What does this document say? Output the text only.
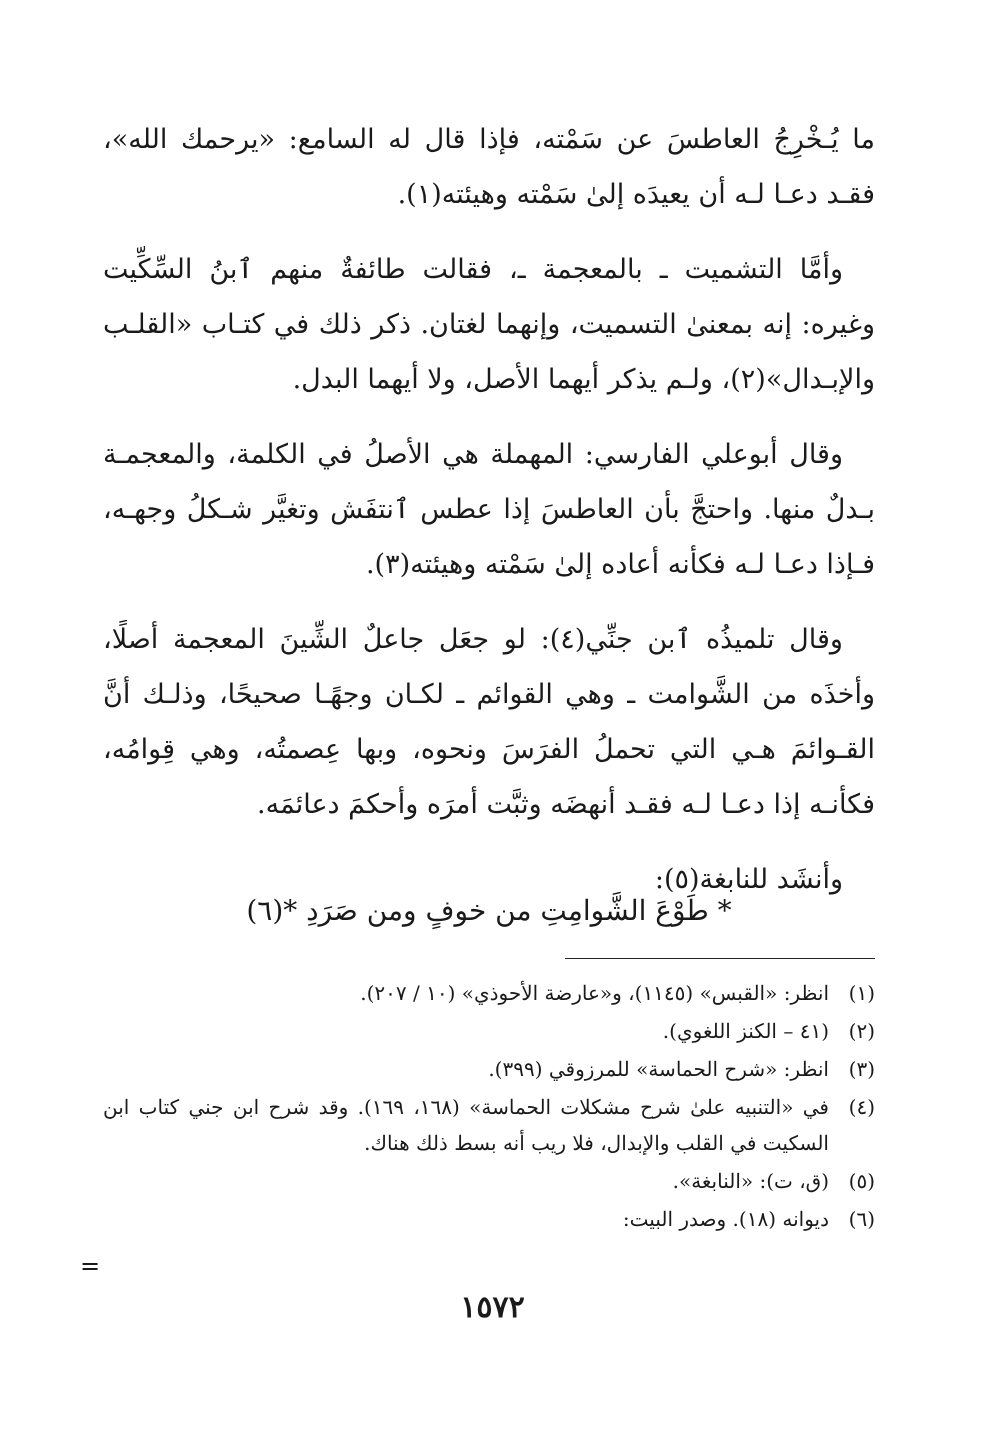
ما يُـخْرِجُ العاطسَ عن سَمْته، فإذا قال له السامع: «يرحمك الله»، فقـد دعـا لـه أن يعيدَه إلىٰ سَمْته وهيئته(١).

وأمَّا التشميت ـ بالمعجمة ـ، فقالت طائفةٌ منهم ٱبنُ السِّكِّيت وغيره: إنه بمعنىٰ التسميت، وإنهما لغتان. ذكر ذلك في كتـاب «القلـب والإبـدال»(٢)، ولـم يذكر أيهما الأصل، ولا أيهما البدل.

وقال أبوعلي الفارسي: المهملة هي الأصلُ في الكلمة، والمعجمـة بـدلٌ منها. واحتجَّ بأن العاطسَ إذا عطس ٱنتفَش وتغيَّر شـكلُ وجهـه، فـإذا دعـا لـه فكأنه أعاده إلىٰ سَمْته وهيئته(٣).

وقال تلميذُه ٱبن جنِّي(٤): لو جعَل جاعلٌ الشِّينَ المعجمة أصلًا، وأخذَه من الشَّوامت ـ وهي القوائم ـ لكـان وجهًـا صحيحًا، وذلـك أنَّ القـوائمَ هـي التي تحملُ الفرَسَ ونحوه، وبها عِصمتُه، وهي قِوامُه، فكأنـه إذا دعـا لـه فقـد أنهضَه وثبَّت أمرَه وأحكمَ دعائمَه.

وأنشَد للنابغة(٥):

* طَوْعَ الشَّوامِتِ من خوفٍ ومن صَرَدِ *(٦)
(١)
انظر: «القبس» (١١٤٥)، و«عارضة الأحوذي» (١٠ / ٢٠٧).
(٢)
(٤١ – الكنز اللغوي).
(٣)
انظر: «شرح الحماسة» للمرزوقي (٣٩٩).
(٤)
في «التنبيه علىٰ شرح مشكلات الحماسة» (١٦٨، ١٦٩). وقد شرح ابن جني كتاب ابن السكيت في القلب والإبدال، فلا ريب أنه بسط ذلك هناك.
(٥)
(ق، ت): «النابغة».
(٦)
ديوانه (١٨). وصدر البيت:
=
١٥٧٢
